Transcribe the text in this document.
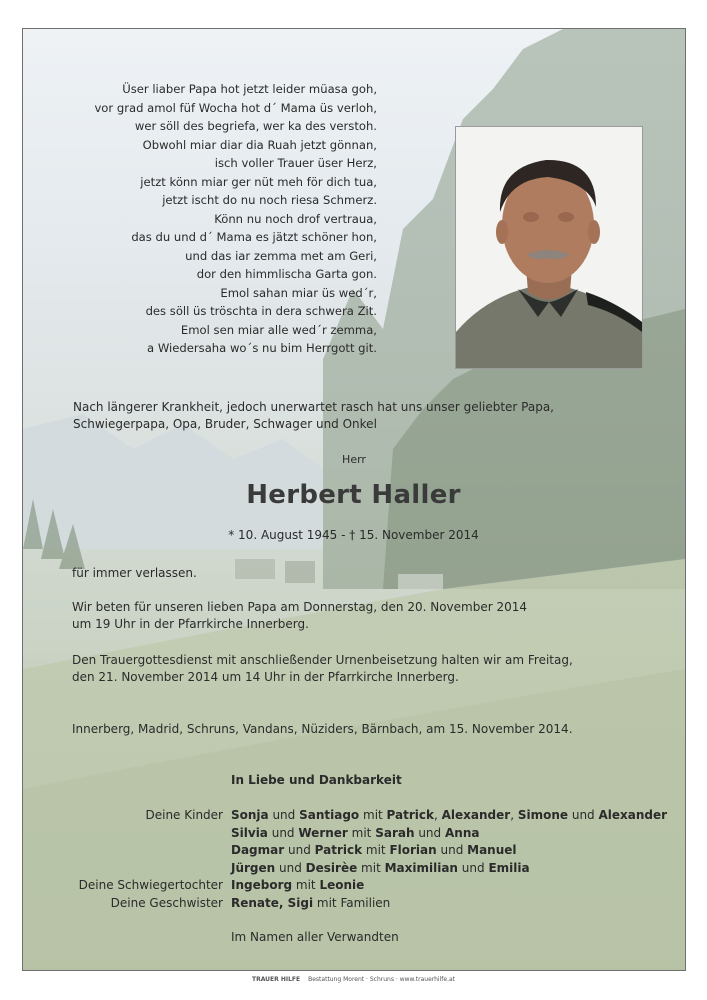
Üser liaber Papa hot jetzt leider müasa goh,
vor grad amol füf Wocha hot d´ Mama üs verloh,
wer söll des begriefa, wer ka des verstoh.
Obwohl miar diar dia Ruah jetzt gönnan,
isch voller Trauer üser Herz,
jetzt könn miar ger nüt meh för dich tua,
jetzt ischt do nu noch riesa Schmerz.
Könn nu noch drof vertraua,
das du und d´ Mama es jätzt schöner hon,
und das iar zemma met am Geri,
dor den himmlischa Garta gon.
Emol sahan miar üs wed´r,
des söll üs tröschta in dera schwera Zit.
Emol sen miar alle wed´r zemma,
a Wiedersaha wo´s nu bim Herrgott git.
Nach längerer Krankheit, jedoch unerwartet rasch hat uns unser geliebter Papa,
Schwiegerpapa, Opa, Bruder, Schwager und Onkel
Herr
Herbert Haller
* 10. August 1945 - † 15. November 2014
für immer verlassen.
Wir beten für unseren lieben Papa am Donnerstag, den 20. November 2014
um 19 Uhr in der Pfarrkirche Innerberg.
Den Trauergottesdienst mit anschließender Urnenbeisetzung halten wir am Freitag,
den 21. November 2014 um 14 Uhr in der Pfarrkirche Innerberg.
Innerberg, Madrid, Schruns, Vandans, Nüziders, Bärnbach, am 15. November 2014.
In Liebe und Dankbarkeit
Deine Kinder Sonja und Santiago mit Patrick, Alexander, Simone und Alexander
Silvia und Werner mit Sarah und Anna
Dagmar und Patrick mit Florian und Manuel
Jürgen und Desirèe mit Maximilian und Emilia
Deine Schwiegertochter Ingeborg mit Leonie
Deine Geschwister Renate, Sigi mit Familien
Im Namen aller Verwandten
TRAUER HILFE Bestattung Morent · Schruns · www.trauerhilfe.at
